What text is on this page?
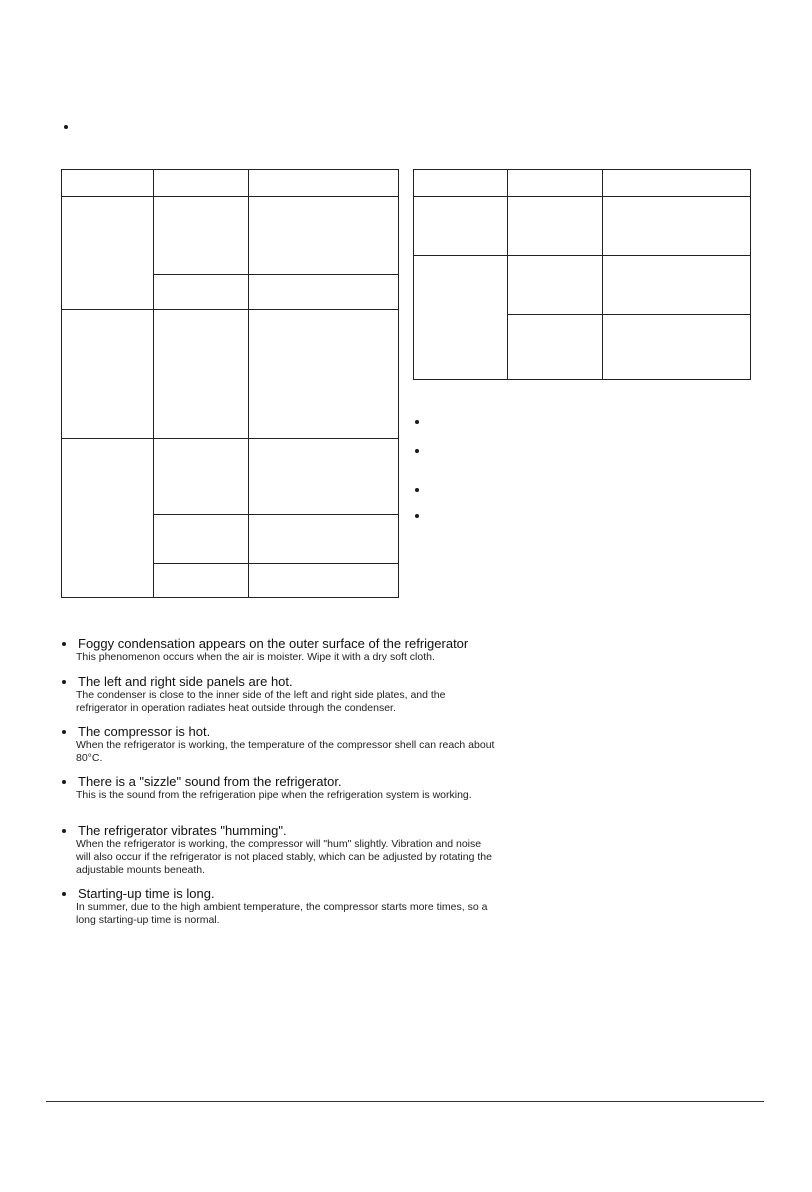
Foggy condensation appears on the outer surface of the refrigerator
This phenomenon occurs when the air is moister. Wipe it with a dry soft cloth.
The left and right side panels are hot.
The condenser is close to the inner side of the left and right side plates, and the refrigerator in operation radiates heat outside through the condenser.
The compressor is hot.
When the refrigerator is working, the temperature of the compressor shell can reach about 80°C.
There is a "sizzle" sound from the refrigerator.
This is the sound from the refrigeration pipe when the refrigeration system is working.
The refrigerator vibrates "humming".
When the refrigerator is working, the compressor will "hum" slightly. Vibration and noise will also occur if the refrigerator is not placed stably, which can be adjusted by rotating the adjustable mounts beneath.
Starting-up time is long.
In summer, due to the high ambient temperature, the compressor starts more times, so a long starting-up time is normal.
